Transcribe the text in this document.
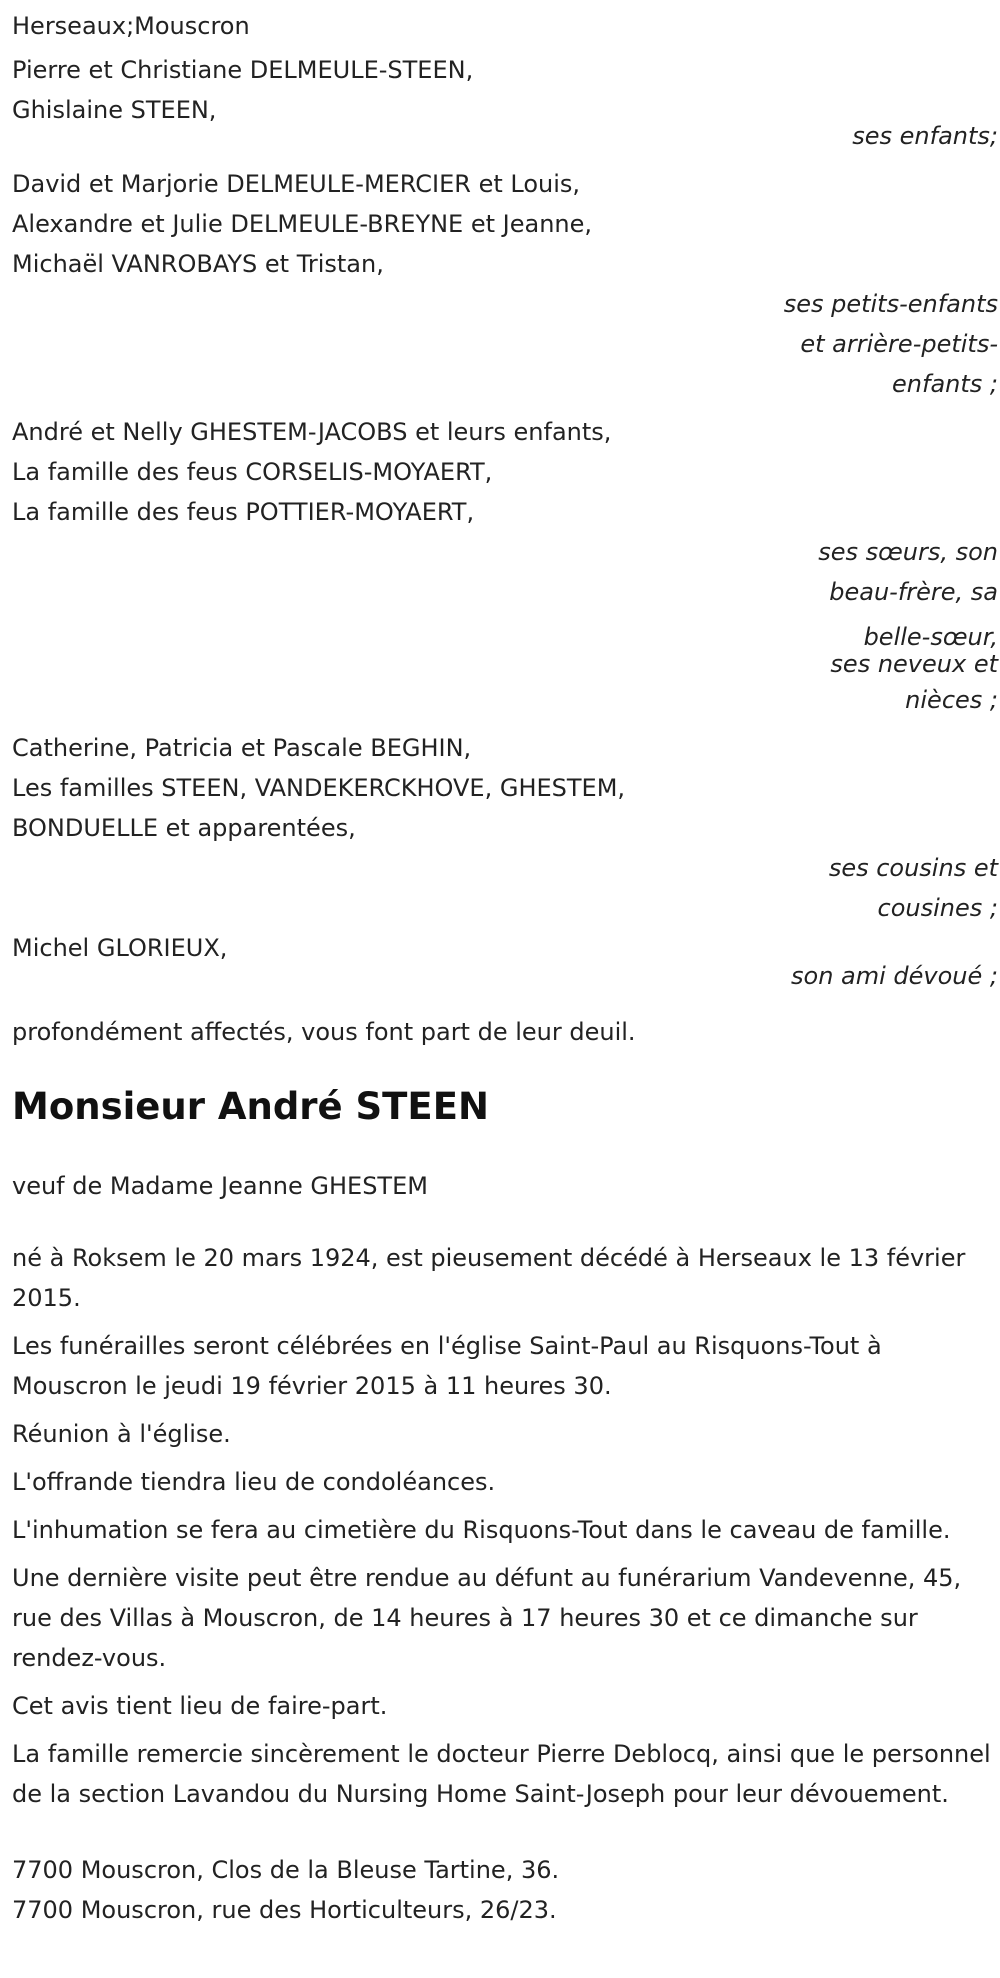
Herseaux;Mouscron
Pierre et Christiane DELMEULE-STEEN,
Ghislaine STEEN,
ses enfants;
David et Marjorie DELMEULE-MERCIER et Louis,
Alexandre et Julie DELMEULE-BREYNE et Jeanne,
Michaël VANROBAYS et Tristan,
ses petits-enfants
et arrière-petits-
enfants ;
André et Nelly GHESTEM-JACOBS et leurs enfants,
La famille des feus CORSELIS-MOYAERT,
La famille des feus POTTIER-MOYAERT,
ses sœurs, son
beau-frère, sa
belle-sœur,
ses neveux et
nièces ;
Catherine, Patricia et Pascale BEGHIN,
Les familles STEEN, VANDEKERCKHOVE, GHESTEM,
BONDUELLE et apparentées,
ses cousins et
cousines ;
Michel GLORIEUX,
son ami dévoué ;
profondément affectés, vous font part de leur deuil.
Monsieur André STEEN
veuf de Madame Jeanne GHESTEM
né à Roksem le 20 mars 1924, est pieusement décédé à Herseaux le 13 février 2015.
Les funérailles seront célébrées en l'église Saint-Paul au Risquons-Tout à Mouscron le jeudi 19 février 2015 à 11 heures 30.
Réunion à l'église.
L'offrande tiendra lieu de condoléances.
L'inhumation se fera au cimetière du Risquons-Tout dans le caveau de famille.
Une dernière visite peut être rendue au défunt au funérarium Vandevenne, 45, rue des Villas à Mouscron, de 14 heures à 17 heures 30 et ce dimanche sur rendez-vous.
Cet avis tient lieu de faire-part.
La famille remercie sincèrement le docteur Pierre Deblocq, ainsi que le personnel de la section Lavandou du Nursing Home Saint-Joseph pour leur dévouement.
7700 Mouscron, Clos de la Bleuse Tartine, 36.
7700 Mouscron, rue des Horticulteurs, 26/23.
